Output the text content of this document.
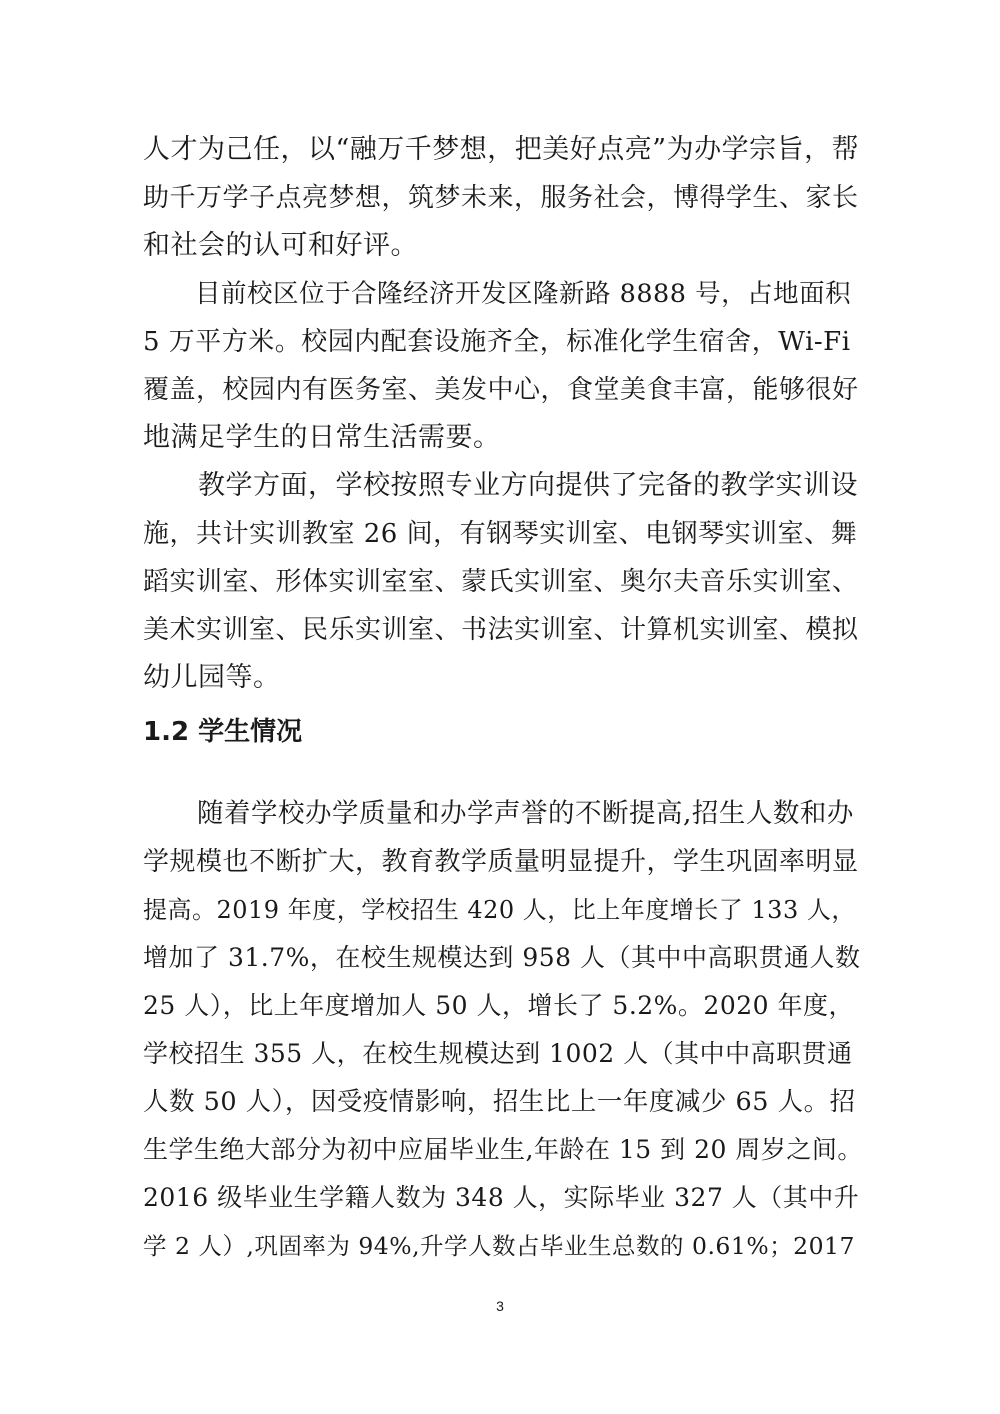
人才为己任，以“融万千梦想，把美好点亮”为办学宗旨，帮
助千万学子点亮梦想，筑梦未来，服务社会，博得学生、家长
和社会的认可和好评。
　　目前校区位于合隆经济开发区隆新路 8888 号，占地面积
5 万平方米。校园内配套设施齐全，标准化学生宿舍，Wi-Fi
覆盖，校园内有医务室、美发中心，食堂美食丰富，能够很好
地满足学生的日常生活需要。
　　教学方面，学校按照专业方向提供了完备的教学实训设
施，共计实训教室 26 间，有钢琴实训室、电钢琴实训室、舞
蹈实训室、形体实训室室、蒙氏实训室、奥尔夫音乐实训室、
美术实训室、民乐实训室、书法实训室、计算机实训室、模拟
幼儿园等。
1.2 学生情况
　　随着学校办学质量和办学声誉的不断提高,招生人数和办
学规模也不断扩大，教育教学质量明显提升，学生巩固率明显
提高。2019 年度，学校招生 420 人，比上年度增长了 133 人，
增加了 31.7%，在校生规模达到 958 人（其中中高职贯通人数
25 人），比上年度增加人 50 人，增长了 5.2%。2020 年度，
学校招生 355 人，在校生规模达到 1002 人（其中中高职贯通
人数 50 人），因受疫情影响，招生比上一年度减少 65 人。招
生学生绝大部分为初中应届毕业生,年龄在 15 到 20 周岁之间。
2016 级毕业生学籍人数为 348 人，实际毕业 327 人（其中升
学 2 人）,巩固率为 94%,升学人数占毕业生总数的 0.61%；2017
3
